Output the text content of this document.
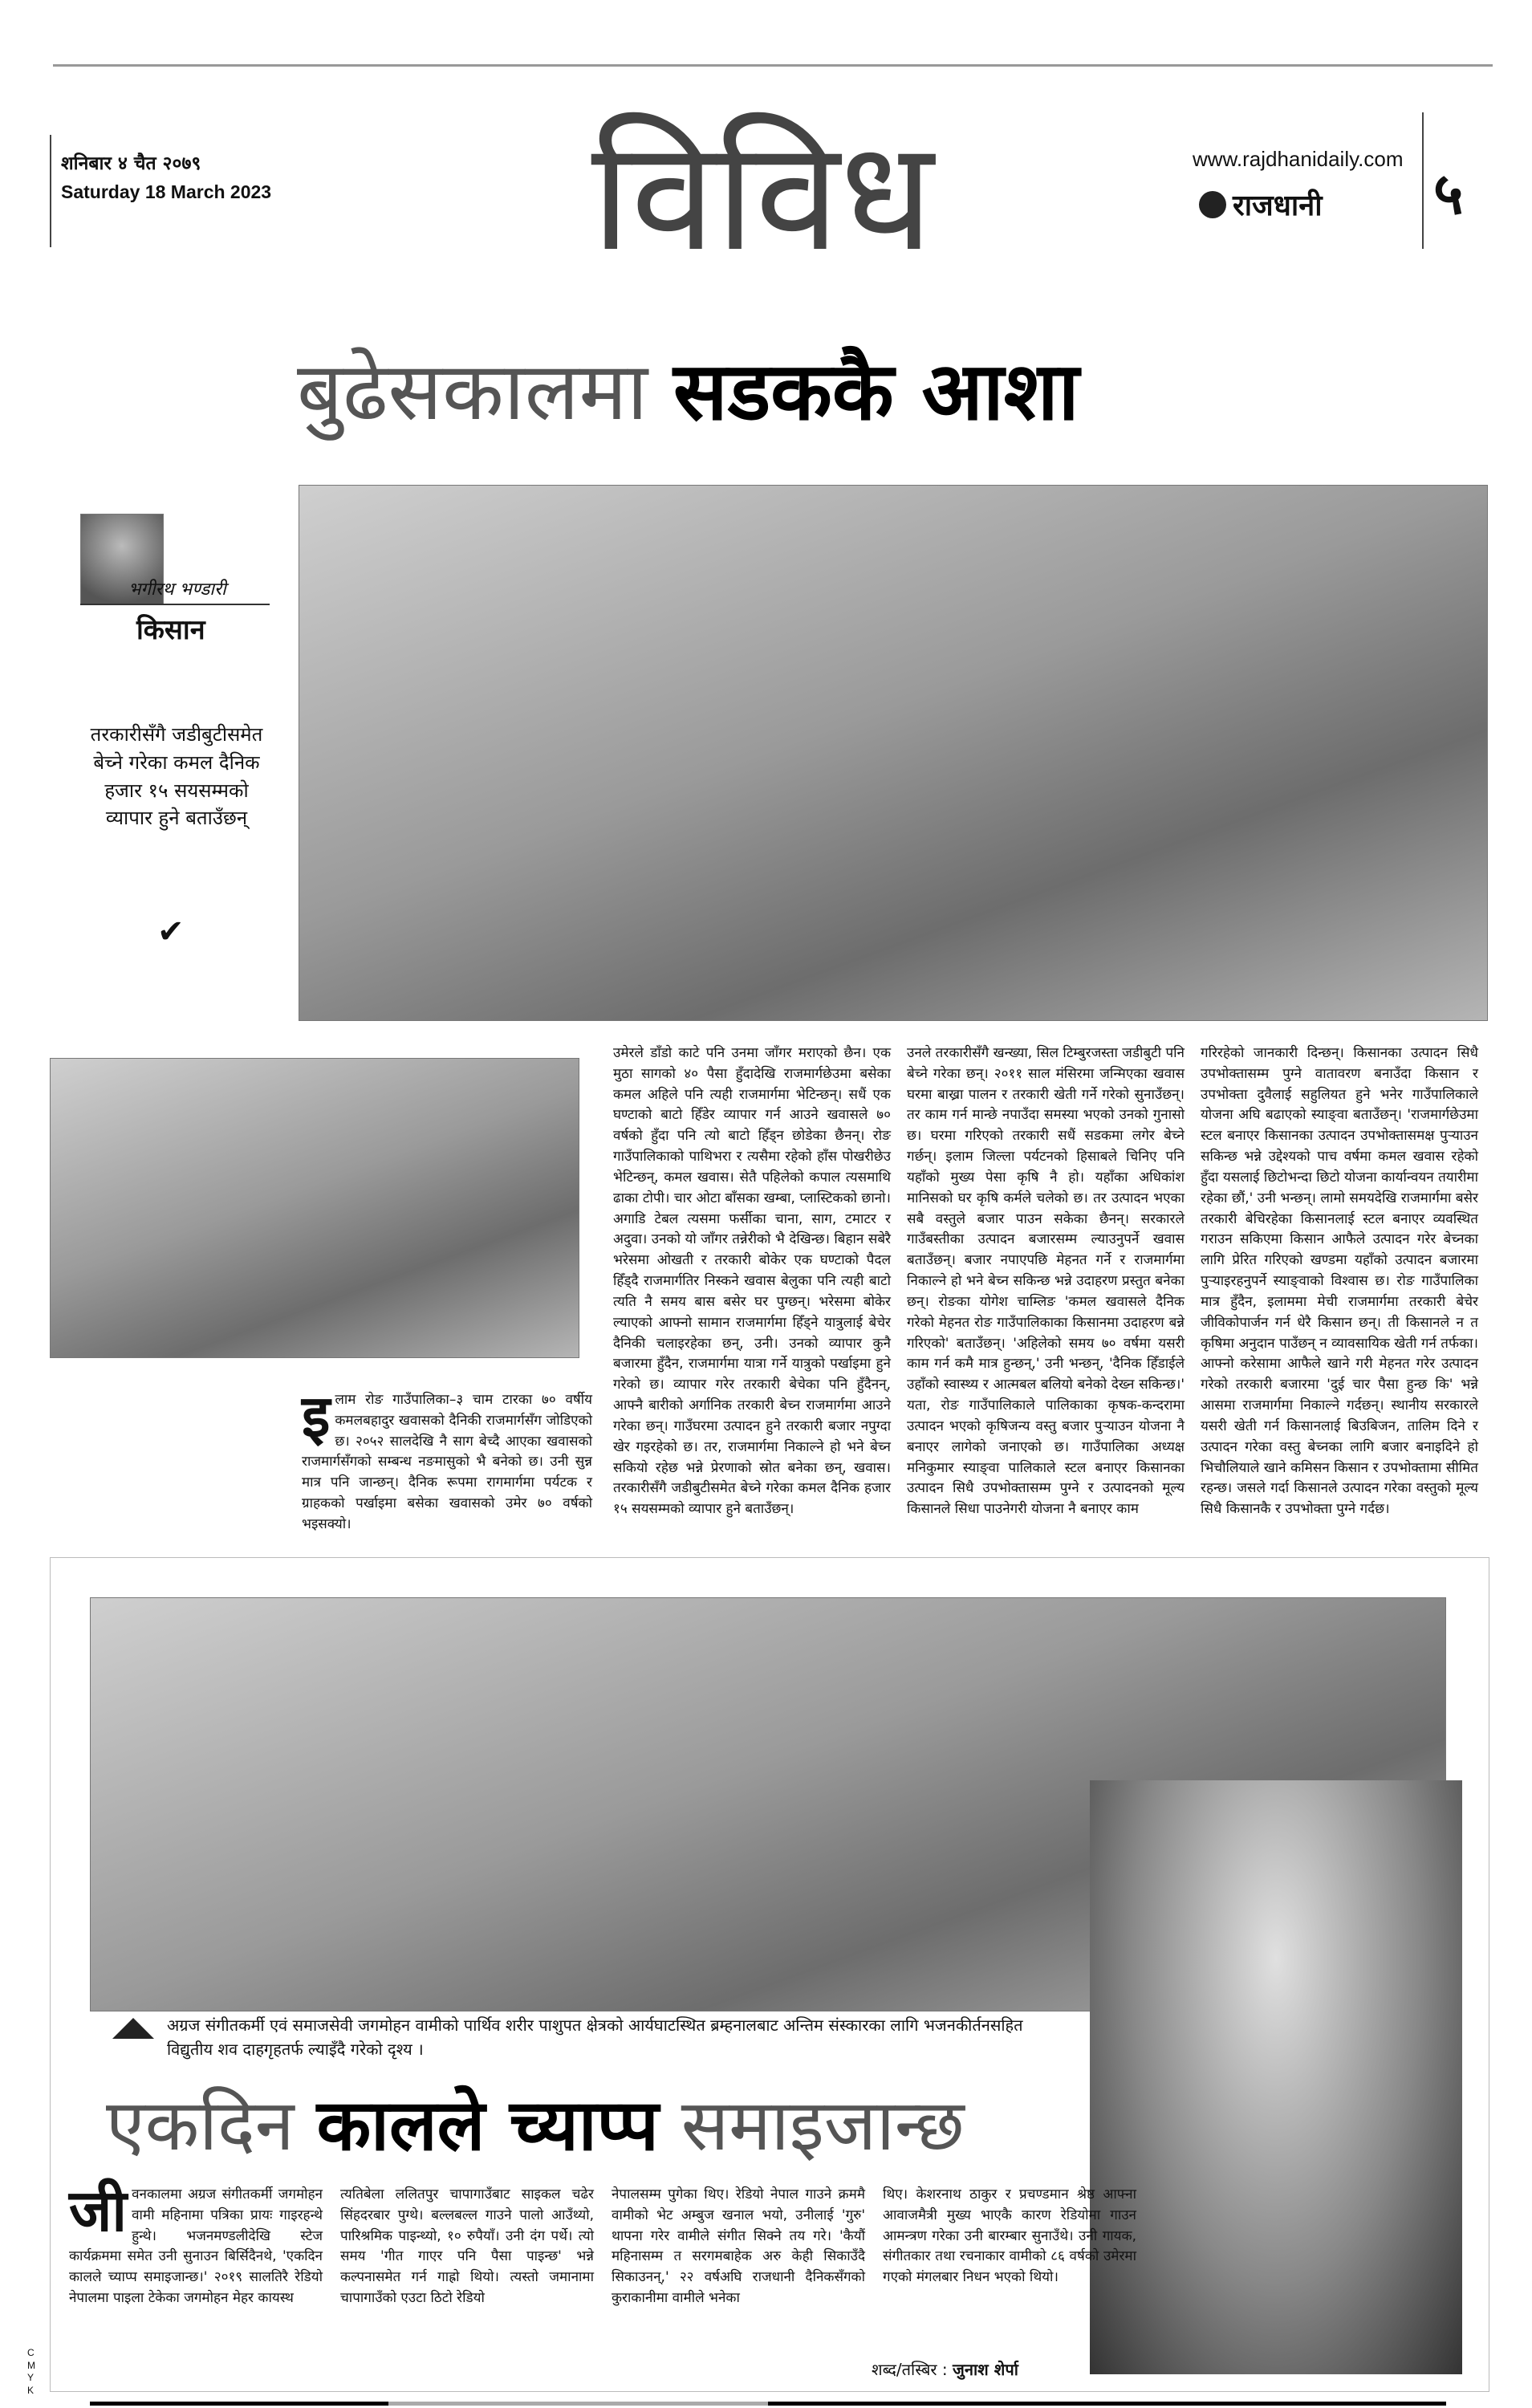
शनिबार ४ चैत २०७९
Saturday 18 March 2023 विविध	www.rajdhanidaily.com
राजधानी ५
बुढेसकालमा सडककै आशा
भगीरथ भण्डारी
किसान
तरकारीसँगै जडीबुटीसमेत बेच्ने गरेका कमल दैनिक हजार १५ सयसम्मको व्यापार हुने बताउँछन्
✔
इ लाम रोङ गाउँपालिका–३ चाम टारका ७० वर्षीय कमलबहादुर खवासको दैनिकी राजमार्गसँग जोडिएको छ। २०५२ सालदेखि नै साग बेच्दै आएका खवासको राजमार्गसँगको सम्बन्ध नङमासुको भै बनेको छ। उनी सुन्न मात्र पनि जान्छन्। दैनिक रूपमा रागमार्गमा पर्यटक र ग्राहकको पर्खाइमा बसेका खवासको उमेर ७० वर्षको भइसक्यो।
उमेरले डाँडो काटे पनि उनमा जाँगर मराएको छैन। एक मुठा सागको ४० पैसा हुँदादेखि राजमार्गछेउमा बसेका कमल अहिले पनि त्यही राजमार्गमा भेटिन्छन्। सधैं एक घण्टाको बाटो हिँडेर व्यापार गर्न आउने खवासले ७० वर्षको हुँदा पनि त्यो बाटो हिँड्न छोडेका छैनन्। रोङ गाउँपालिकाको पाथिभरा र त्यसैमा रहेको हाँस पोखरीछेउ भेटिन्छन्, कमल खवास। सेतै पहिलेको कपाल त्यसमाथि ढाका टोपी। चार ओटा बाँसका खम्बा, प्लास्टिकको छानो। अगाडि टेबल त्यसमा फर्सीका चाना, साग, टमाटर र अदुवा। उनको यो जाँगर तन्नेरीको भै देखिन्छ। बिहान सबेरै भरेसमा ओखती र तरकारी बोकेर एक घण्टाको पैदल हिँड्दै राजमार्गतिर निस्कने खवास बेलुका पनि त्यही बाटो त्यति नै समय बास बसेर घर पुग्छन्। भरेसमा बोकेर ल्याएको आफ्नो सामान राजमार्गमा हिँड्ने यात्रुलाई बेचेर दैनिकी चलाइरहेका छन्, उनी। उनको व्यापार कुनै बजारमा हुँदैन, राजमार्गमा यात्रा गर्ने यात्रुको पर्खाइमा हुने गरेको छ। व्यापार गरेर तरकारी बेचेका पनि हुँदैनन्, आफ्नै बारीको अर्गानिक तरकारी बेच्न राजमार्गमा आउने गरेका छन्। गाउँघरमा उत्पादन हुने तरकारी बजार नपुग्दा खेर गइरहेको छ। तर, राजमार्गमा निकाल्ने हो भने बेच्न सकियो रहेछ भन्ने प्रेरणाको स्रोत बनेका छन्, खवास। तरकारीसँगै जडीबुटीसमेत बेच्ने गरेका कमल दैनिक हजार १५ सयसम्मको व्यापार हुने बताउँछन्।
उनले तरकारीसँगै खन्ख्या, सिल टिम्बुरजस्ता जडीबुटी पनि बेच्ने गरेका छन्। २०११ साल मंसिरमा जन्मिएका खवास घरमा बाख्रा पालन र तरकारी खेती गर्ने गरेको सुनाउँछन्। तर काम गर्न मान्छे नपाउँदा समस्या भएको उनको गुनासो छ। घरमा गरिएको तरकारी सधैं सडकमा लगेर बेच्ने गर्छन्। इलाम जिल्ला पर्यटनको हिसाबले चिनिए पनि यहाँको मुख्य पेसा कृषि नै हो। यहाँका अधिकांश मानिसको घर कृषि कर्मले चलेको छ। तर उत्पादन भएका सबै वस्तुले बजार पाउन सकेका छैनन्। सरकारले गाउँबस्तीका उत्पादन बजारसम्म ल्याउनुपर्ने खवास बताउँछन्। बजार नपाएपछि मेहनत गर्ने र राजमार्गमा निकाल्ने हो भने बेच्न सकिन्छ भन्ने उदाहरण प्रस्तुत बनेका छन्। रोङका योगेश चाम्लिङ 'कमल खवासले दैनिक गरेको मेहनत रोङ गाउँपालिकाका किसानमा उदाहरण बन्ने गरिएको' बताउँछन्। 'अहिलेको समय ७० वर्षमा यसरी काम गर्न कमै मात्र हुन्छन्,' उनी भन्छन्, 'दैनिक हिँडाईले उहाँको स्वास्थ्य र आत्मबल बलियो बनेको देख्न सकिन्छ।' यता, रोङ गाउँपालिकाले पालिकाका कृषक-कन्दरामा उत्पादन भएको कृषिजन्य वस्तु बजार पुऱ्याउन योजना नै बनाएर लागेको जनाएको छ। गाउँपालिका अध्यक्ष मनिकुमार स्याङ्वा पालिकाले स्टल बनाएर किसानका उत्पादन सिधै उपभोक्तासम्म पुग्ने र उत्पादनको मूल्य किसानले सिधा पाउनेगरी योजना नै बनाएर काम
गरिरहेको जानकारी दिन्छन्। किसानका उत्पादन सिधै उपभोक्तासम्म पुग्ने वातावरण बनाउँदा किसान र उपभोक्ता दुवैलाई सहुलियत हुने भनेर गाउँपालिकाले योजना अघि बढाएको स्याङ्वा बताउँछन्। 'राजमार्गछेउमा स्टल बनाएर किसानका उत्पादन उपभोक्तासमक्ष पुऱ्याउन सकिन्छ भन्ने उद्देश्यको पाच वर्षमा कमल खवास रहेको हुँदा यसलाई छिटोभन्दा छिटो योजना कार्यान्वयन तयारीमा रहेका छौं,' उनी भन्छन्। लामो समयदेखि राजमार्गमा बसेर तरकारी बेचिरहेका किसानलाई स्टल बनाएर व्यवस्थित गराउन सकिएमा किसान आफैले उत्पादन गरेर बेच्नका लागि प्रेरित गरिएको खण्डमा यहाँको उत्पादन बजारमा पुऱ्याइरहनुपर्ने स्याङ्वाको विश्वास छ। रोङ गाउँपालिका मात्र हुँदैन, इलाममा मेची राजमार्गमा तरकारी बेचेर जीविकोपार्जन गर्न धेरै किसान छन्। ती किसानले न त कृषिमा अनुदान पाउँछन् न व्यावसायिक खेती गर्न तर्फका। आफ्नो करेसामा आफैले खाने गरी मेहनत गरेर उत्पादन गरेको तरकारी बजारमा 'दुई चार पैसा हुन्छ कि' भन्ने आसमा राजमार्गमा निकाल्ने गर्दछन्। स्थानीय सरकारले यसरी खेती गर्न किसानलाई बिउबिजन, तालिम दिने र उत्पादन गरेका वस्तु बेच्नका लागि बजार बनाइदिने हो भिचौलियाले खाने कमिसन किसान र उपभोक्तामा सीमित रहन्छ। जसले गर्दा किसानले उत्पादन गरेका वस्तुको मूल्य सिधै किसानकै र उपभोक्ता पुग्ने गर्दछ।
अग्रज संगीतकर्मी एवं समाजसेवी जगमोहन वामीको पार्थिव शरीर पाशुपत क्षेत्रको आर्यघाटस्थित ब्रम्हनालबाट अन्तिम संस्कारका लागि भजनकीर्तनसहित विद्युतीय शव दाहगृहतर्फ ल्याइँदै गरेको दृश्य ।
एकदिन कालले च्याप्प समाइजान्छ
जी वनकालमा अग्रज संगीतकर्मी जगमोहन वामी महिनामा पत्रिका प्रायः गाइरहन्थे हुन्थे। भजनमण्डलीदेखि स्टेज कार्यक्रममा समेत उनी सुनाउन बिर्सिदैनथे, 'एकदिन कालले च्याप्प समाइजान्छ।' २०१९ सालतिरै रेडियो नेपालमा पाइला टेकेका जगमोहन मेहर कायस्थ
त्यतिबेला ललितपुर चापागाउँबाट साइकल चढेर सिंहदरबार पुग्थे। बल्लबल्ल गाउने पालो आउँथ्यो, पारिश्रमिक पाइन्थ्यो, १० रुपैयाँ। उनी दंग पर्थे। त्यो समय 'गीत गाएर पनि पैसा पाइन्छ' भन्ने कल्पनासमेत गर्न गाह्रो थियो। त्यस्तो जमानामा चापागाउँको एउटा ठिटो रेडियो
नेपालसम्म पुगेका थिए। रेडियो नेपाल गाउने क्रममै वामीको भेट अम्बुज खनाल भयो, उनीलाई 'गुरु' थापना गरेर वामीले संगीत सिक्ने तय गरे। 'कैयौं महिनासम्म त सरगमबाहेक अरु केही सिकाउँदै सिकाउनन्,' २२ वर्षअघि राजधानी दैनिकसँगको कुराकानीमा वामीले भनेका
थिए। केशरनाथ ठाकुर र प्रचण्डमान श्रेष्ठ आफ्ना आवाजमैत्री मुख्य भाएकै कारण रेडियोमा गाउन आमन्त्रण गरेका उनी बारम्बार सुनाउँथे। उनी गायक, संगीतकार तथा रचनाकार वामीको ८६ वर्षको उमेरमा गएको मंगलबार निधन भएको थियो।
शब्द/तस्बिर : जुनाश शेर्पा
C
M
Y
K
